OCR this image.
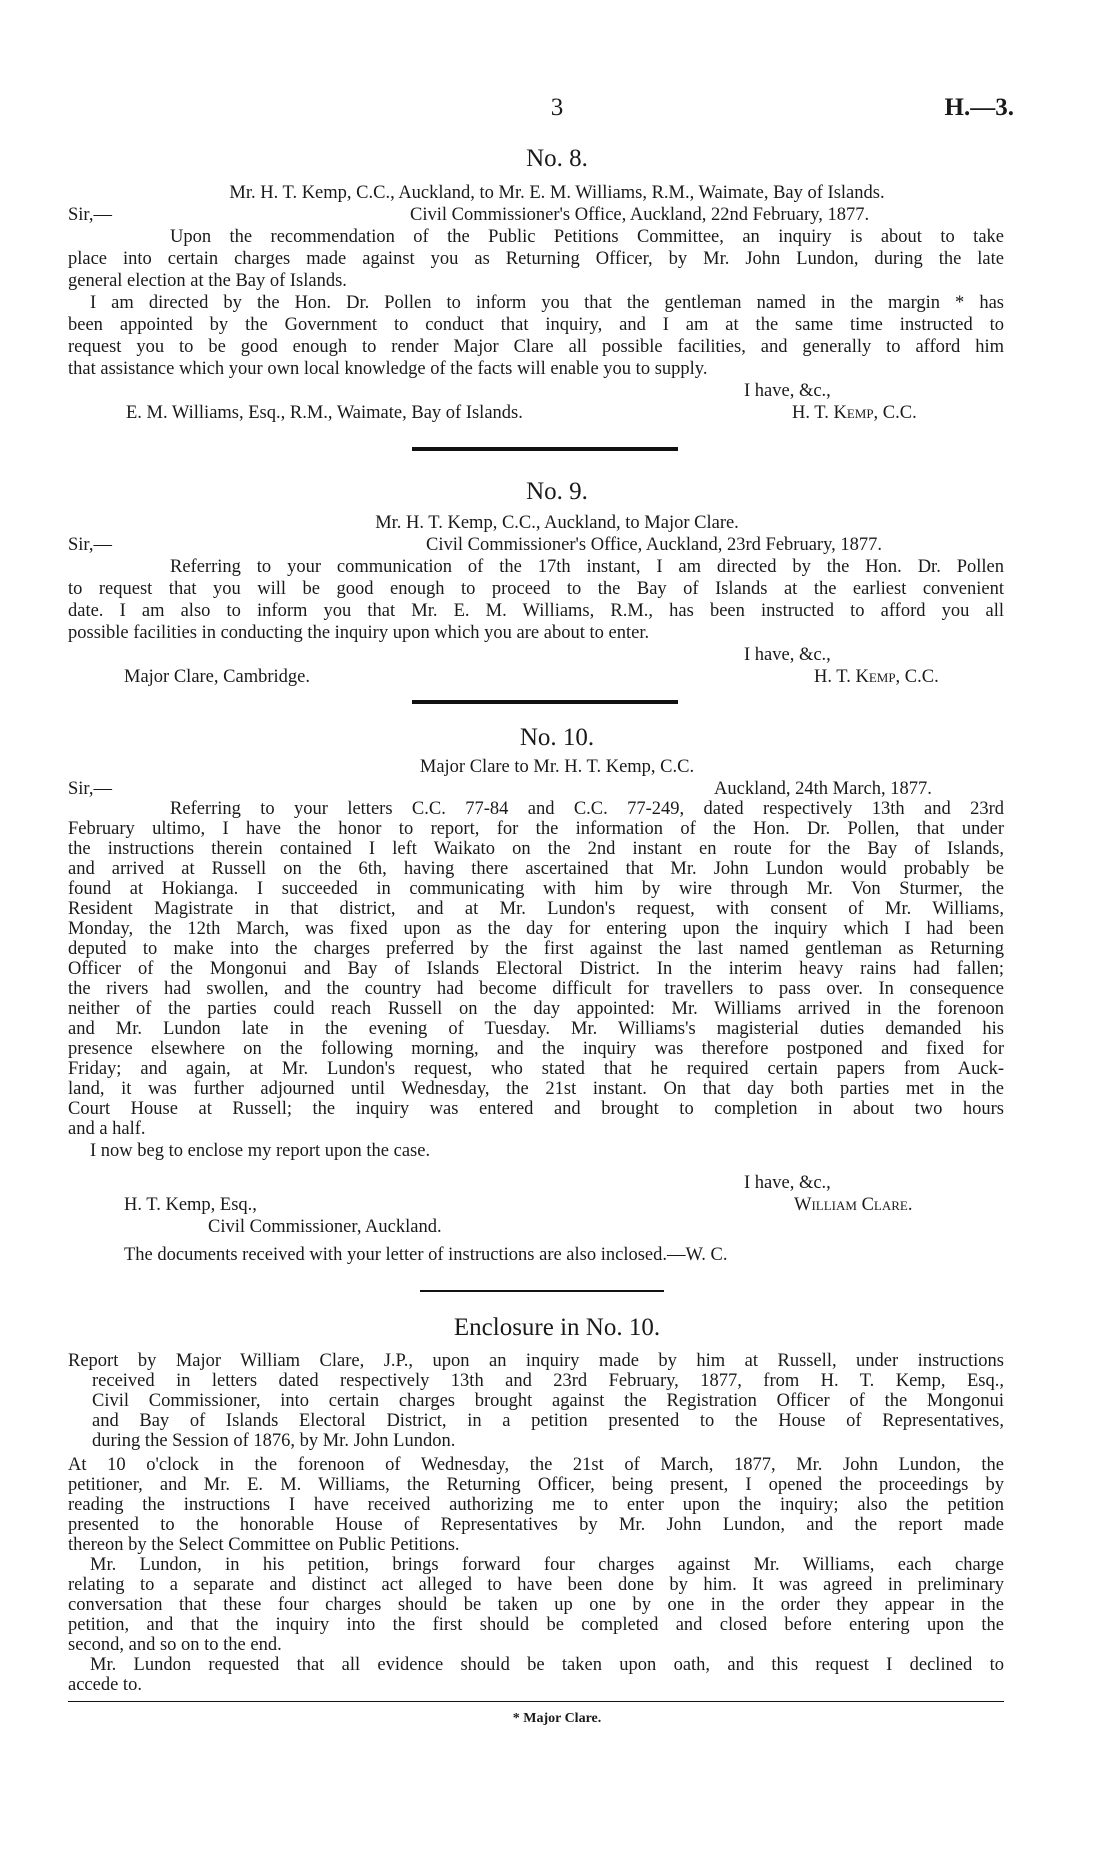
3	H.—3.
No. 8.
Mr. H. T. Kemp, C.C., Auckland, to Mr. E. M. Williams, R.M., Waimate, Bay of Islands.
Sir,—	Civil Commissioner's Office, Auckland, 22nd February, 1877.
Upon the recommendation of the Public Petitions Committee, an inquiry is about to take
place into certain charges made against you as Returning Officer, by Mr. John Lundon, during the late
general election at the Bay of Islands.
I am directed by the Hon. Dr. Pollen to inform you that the gentleman named in the margin * has
been appointed by the Government to conduct that inquiry, and I am at the same time instructed to
request you to be good enough to render Major Clare all possible facilities, and generally to afford him
that assistance which your own local knowledge of the facts will enable you to supply.
I have, &c.,
E. M. Williams, Esq., R.M., Waimate, Bay of Islands.	H. T. Kemp, C.C.
No. 9.
Mr. H. T. Kemp, C.C., Auckland, to Major Clare.
Sir,—	Civil Commissioner's Office, Auckland, 23rd February, 1877.
Referring to your communication of the 17th instant, I am directed by the Hon. Dr. Pollen
to request that you will be good enough to proceed to the Bay of Islands at the earliest convenient
date. I am also to inform you that Mr. E. M. Williams, R.M., has been instructed to afford you all
possible facilities in conducting the inquiry upon which you are about to enter.
I have, &c.,
Major Clare, Cambridge.	H. T. Kemp, C.C.
No. 10.
Major Clare to Mr. H. T. Kemp, C.C.
Sir,—	Auckland, 24th March, 1877.
Referring to your letters C.C. 77-84 and C.C. 77-249, dated respectively 13th and 23rd
February ultimo, I have the honor to report, for the information of the Hon. Dr. Pollen, that under
the instructions therein contained I left Waikato on the 2nd instant en route for the Bay of Islands,
and arrived at Russell on the 6th, having there ascertained that Mr. John Lundon would probably be
found at Hokianga. I succeeded in communicating with him by wire through Mr. Von Sturmer, the
Resident Magistrate in that district, and at Mr. Lundon's request, with consent of Mr. Williams,
Monday, the 12th March, was fixed upon as the day for entering upon the inquiry which I had been
deputed to make into the charges preferred by the first against the last named gentleman as Returning
Officer of the Mongonui and Bay of Islands Electoral District. In the interim heavy rains had fallen;
the rivers had swollen, and the country had become difficult for travellers to pass over. In consequence
neither of the parties could reach Russell on the day appointed: Mr. Williams arrived in the forenoon
and Mr. Lundon late in the evening of Tuesday. Mr. Williams's magisterial duties demanded his
presence elsewhere on the following morning, and the inquiry was therefore postponed and fixed for
Friday; and again, at Mr. Lundon's request, who stated that he required certain papers from Auck-
land, it was further adjourned until Wednesday, the 21st instant. On that day both parties met in the
Court House at Russell; the inquiry was entered and brought to completion in about two hours
and a half.
I now beg to enclose my report upon the case.
I have, &c.,
H. T. Kemp, Esq.,	William Clare.
Civil Commissioner, Auckland.
The documents received with your letter of instructions are also inclosed.—W. C.
Enclosure in No. 10.
Report by Major William Clare, J.P., upon an inquiry made by him at Russell, under instructions
received in letters dated respectively 13th and 23rd February, 1877, from H. T. Kemp, Esq.,
Civil Commissioner, into certain charges brought against the Registration Officer of the Mongonui
and Bay of Islands Electoral District, in a petition presented to the House of Representatives,
during the Session of 1876, by Mr. John Lundon.
At 10 o'clock in the forenoon of Wednesday, the 21st of March, 1877, Mr. John Lundon, the
petitioner, and Mr. E. M. Williams, the Returning Officer, being present, I opened the proceedings by
reading the instructions I have received authorizing me to enter upon the inquiry; also the petition
presented to the honorable House of Representatives by Mr. John Lundon, and the report made
thereon by the Select Committee on Public Petitions.
Mr. Lundon, in his petition, brings forward four charges against Mr. Williams, each charge
relating to a separate and distinct act alleged to have been done by him. It was agreed in preliminary
conversation that these four charges should be taken up one by one in the order they appear in the
petition, and that the inquiry into the first should be completed and closed before entering upon the
second, and so on to the end.
Mr. Lundon requested that all evidence should be taken upon oath, and this request I declined to
accede to.
* Major Clare.
